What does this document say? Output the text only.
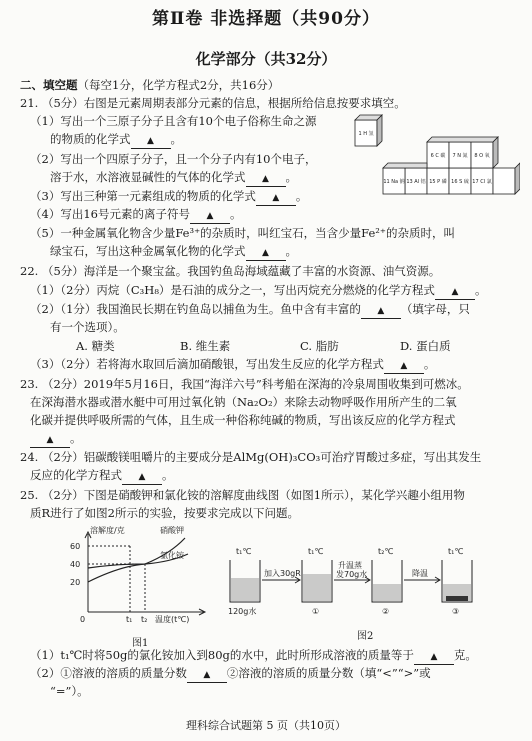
第Ⅱ卷 非选择题（共90分）
化学部分（共32分）
二、填空题（每空1分，化学方程式2分，共16分）
21. （5分）右图是元素周期表部分元素的信息，根据所给信息按要求填空。
（1）写出一个三原子分子且含有10个电子俗称生命之源
的物质的化学式 ▲ 。
（2）写出一个四原子分子，且一个分子内有10个电子，
溶于水，水溶液显碱性的气体的化学式 ▲ 。
（3）写出三种第一元素组成的物质的化学式 ▲ 。
（4）写出16号元素的离子符号 ▲ 。
（5）一种金属氧化物含少量Fe³⁺的杂质时，叫红宝石，当含少量Fe²⁺的杂质时，叫
绿宝石，写出这种金属氧化物的化学式 ▲ 。
1 H 氢
6 C 碳 7 N 氮 8 O 氧
11 Na 钠 13 Al 铝 15 P 磷 16 S 硫 17 Cl 氯
22. （5分）海洋是一个聚宝盆。我国钓鱼岛海域蕴藏了丰富的水资源、油气资源。
（1）（2分）丙烷（C₃H₈）是石油的成分之一，写出丙烷充分燃烧的化学方程式 ▲ 。
（2）（1分）我国渔民长期在钓鱼岛以捕鱼为生。鱼中含有丰富的 ▲ （填字母，只
有一个选项）。
A. 糖类	B. 维生素	C. 脂肪	D. 蛋白质
（3）（2分）若将海水取回后滴加硝酸银，写出发生反应的化学方程式 ▲ 。
23. （2分）2019年5月16日，我国“海洋六号”科考船在深海的冷泉周围收集到可燃冰。
在深海潜水器或潜水艇中可用过氧化钠（Na₂O₂）来除去动物呼吸作用所产生的二氧
化碳并提供呼吸所需的气体，且生成一种俗称纯碱的物质，写出该反应的化学方程式
▲ 。
24. （2分）铝碳酸镁咀嚼片的主要成分是AlMg(OH)₃CO₃可治疗胃酸过多症，写出其发生
反应的化学方程式 ▲ 。
25. （2分）下图是硝酸钾和氯化铵的溶解度曲线图（如图1所示），某化学兴趣小组用物
质R进行了如图2所示的实验，按要求完成以下问题。
溶解度/克
60
40
20
0	t₁ t₂ 温度(t℃)
硝酸钾
氯化铵
图1
t₁℃	t₁℃	t₂℃	t₁℃
加入30gR
升温蒸
发70g水	降温
120g水	①	②	③
图2
（1）t₁℃时将50g的氯化铵加入到80g的水中，此时所形成溶液的质量等于 ▲ 克。
（2）①溶液的溶质的质量分数 ▲ ②溶液的溶质的质量分数（填“<”“>”或
“=”）。
理科综合试题第 5 页（共10页）
